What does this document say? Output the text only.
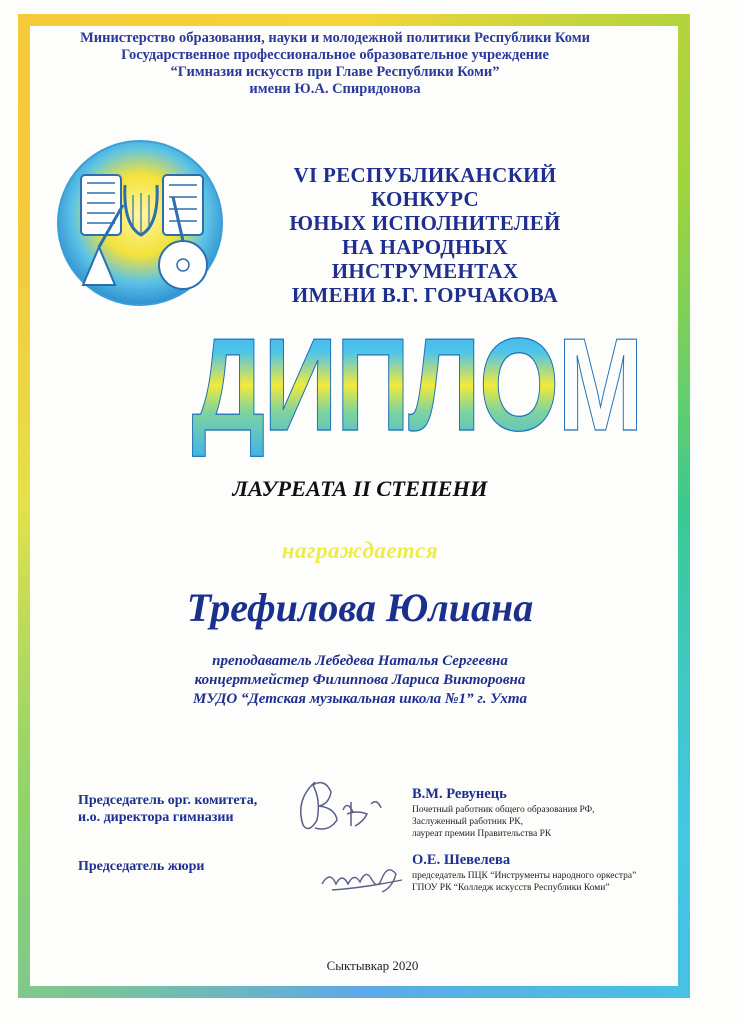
Министерство образования, науки и молодежной политики Республики Коми
Государственное профессиональное образовательное учреждение
“Гимназия искусств при Главе Республики Коми”
имени Ю.А. Спиридонова
VI РЕСПУБЛИКАНСКИЙ КОНКУРС
ЮНЫХ ИСПОЛНИТЕЛЕЙ
НА НАРОДНЫХ ИНСТРУМЕНТАХ
ИМЕНИ В.Г. ГОРЧАКОВА
ДИПЛОМ
ЛАУРЕАТА II СТЕПЕНИ
награждается
Трефилова Юлиана
преподаватель Лебедева Наталья Сергеевна
концертмейстер Филиппова Лариса Викторовна
МУДО “Детская музыкальная школа №1” г. Ухта
Председатель орг. комитета,
и.о. директора гимназии
В.М. Ревунець
Почетный работник общего образования РФ,
Заслуженный работник РК,
лауреат премии Правительства РК
Председатель жюри	О.Е. Шевелева
председатель ПЦК “Инструменты народного оркестра”
ГПОУ РК “Колледж искусств Республики Коми”
Сыктывкар 2020
